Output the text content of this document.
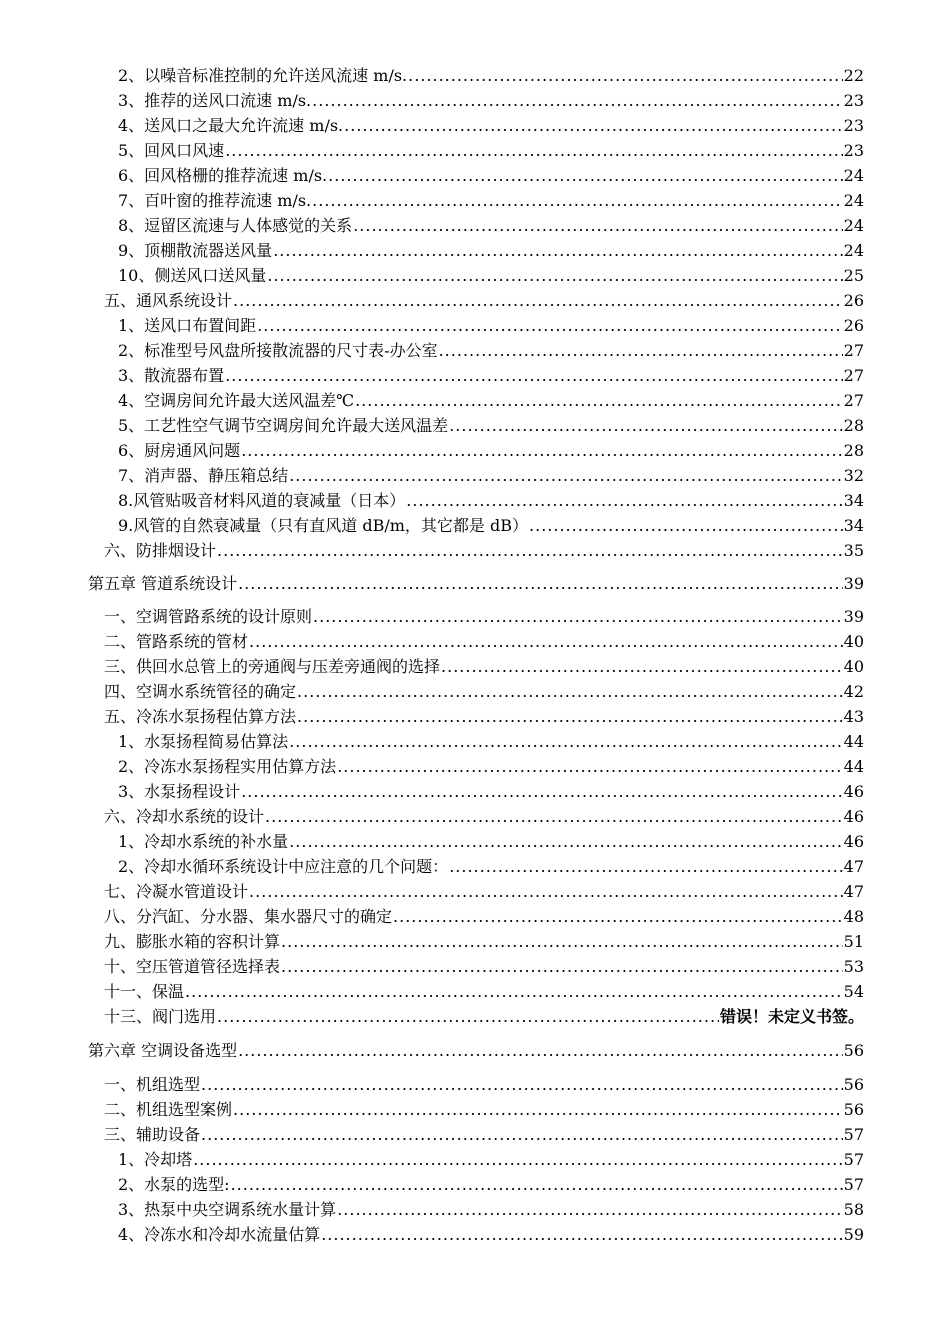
2、以噪音标准控制的允许送风流速 m/s. .....	22
3、推荐的送风口流速 m/s. .....	23
4、送风口之最大允许流速 m/s. .....	23
5、回风口风速 .....	23
6、回风格栅的推荐流速 m/s. .....	24
7、百叶窗的推荐流速 m/s. .....	24
8、逗留区流速与人体感觉的关系 .....	24
9、顶棚散流器送风量 .....	24
10、侧送风口送风量 .....	25
五、通风系统设计 .....	26
1、送风口布置间距 .....	26
2、标准型号风盘所接散流器的尺寸表-办公室 .....	27
3、散流器布置 .....	27
4、空调房间允许最大送风温差℃ .....	27
5、工艺性空气调节空调房间允许最大送风温差 .....	28
6、厨房通风问题 .....	28
7、消声器、静压箱总结 .....	32
8.风管贴吸音材料风道的衰减量（日本） .....	34
9.风管的自然衰减量（只有直风道 dB/m，其它都是 dB） .....	34
六、防排烟设计 .....	35
第五章 管道系统设计 .....	39
一、空调管路系统的设计原则 .....	39
二、管路系统的管材 .....	40
三、供回水总管上的旁通阀与压差旁通阀的选择 .....	40
四、空调水系统管径的确定 .....	42
五、冷冻水泵扬程估算方法 .....	43
1、水泵扬程简易估算法 .....	44
2、冷冻水泵扬程实用估算方法 .....	44
3、水泵扬程设计 .....	46
六、冷却水系统的设计 .....	46
1、冷却水系统的补水量 .....	46
2、冷却水循环系统设计中应注意的几个问题： .....	47
七、冷凝水管道设计 .....	47
八、分汽缸、分水器、集水器尺寸的确定 .....	48
九、膨胀水箱的容积计算 .....	51
十、空压管道管径选择表 .....	53
十一、保温 .....	54
十三、阀门选用 .....	错误！未定义书签。
第六章 空调设备选型 .....	56
一、机组选型 .....	56
二、机组选型案例 .....	56
三、辅助设备 .....	57
1、冷却塔 .....	57
2、水泵的选型: .....	57
3、热泵中央空调系统水量计算 .....	58
4、冷冻水和冷却水流量估算 .....	59
